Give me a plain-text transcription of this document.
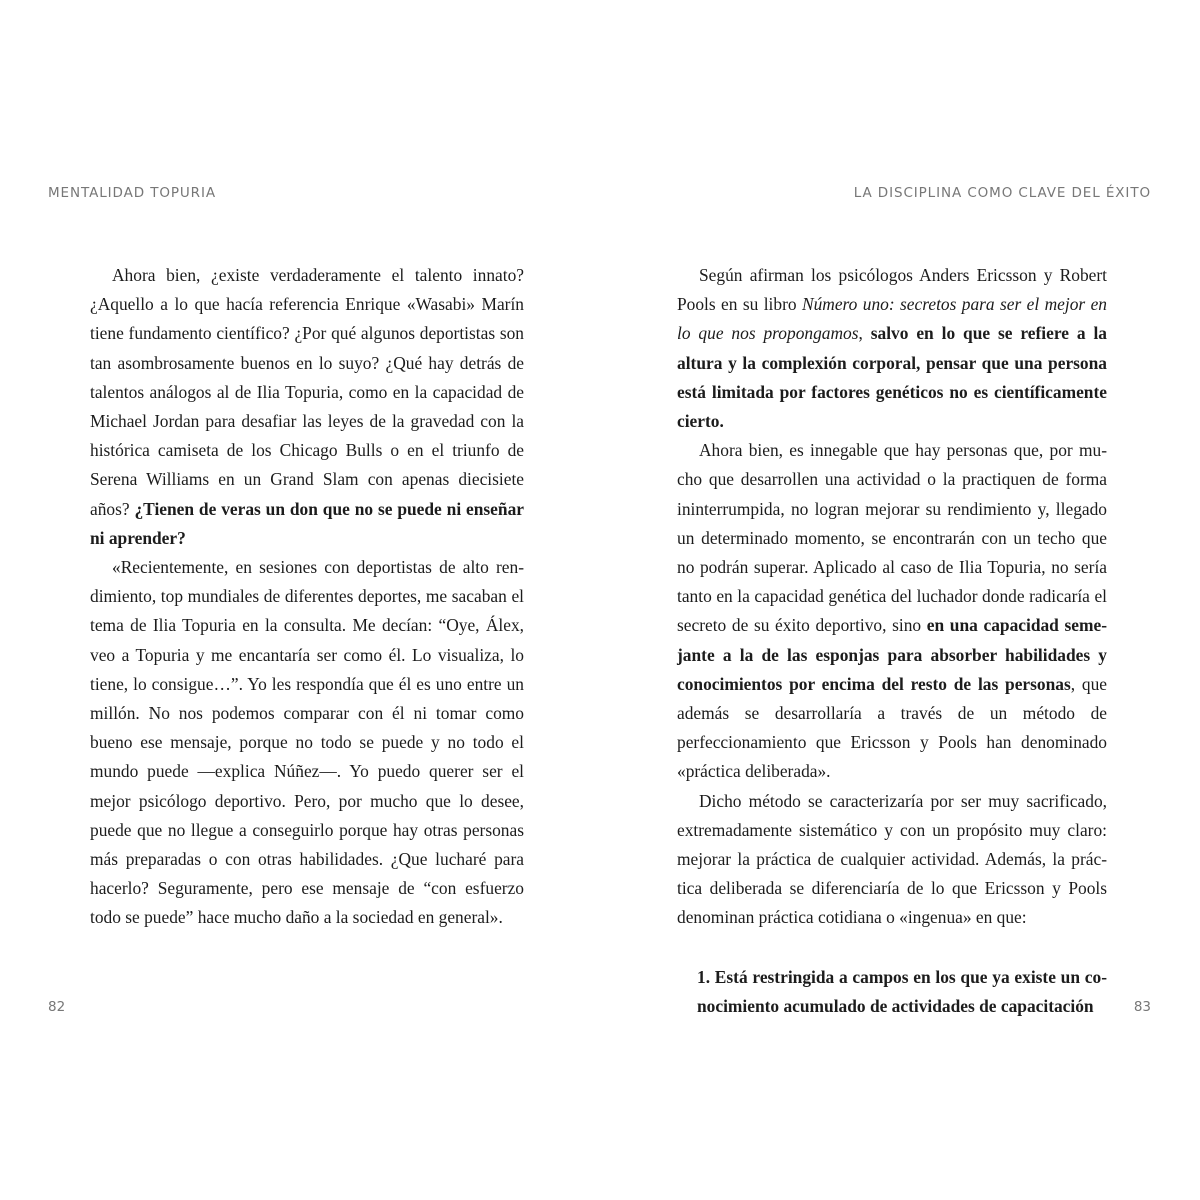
MENTALIDAD TOPURIA

Ahora bien, ¿existe verdaderamente el talento innato? ¿Aquello a lo que hacía referencia Enrique «Wasabi» Marín tiene fundamento científico? ¿Por qué algunos deportistas son tan asombrosamente buenos en lo suyo? ¿Qué hay detrás de talentos análogos al de Ilia Topuria, como en la capacidad de Michael Jordan para desafiar las leyes de la gravedad con la histórica camiseta de los Chicago Bulls o en el triunfo de Serena Williams en un Grand Slam con apenas diecisiete años? ¿Tienen de veras un don que no se puede ni enseñar ni aprender?

«Recientemente, en sesiones con deportistas de alto rendimiento, top mundiales de diferentes deportes, me sacaban el tema de Ilia Topuria en la consulta. Me decían: “Oye, Álex, veo a Topuria y me encantaría ser como él. Lo visualiza, lo tiene, lo consigue…”. Yo les respondía que él es uno entre un millón. No nos podemos comparar con él ni tomar como bueno ese mensaje, porque no todo se puede y no todo el mundo puede —explica Núñez—. Yo puedo querer ser el mejor psicólogo deportivo. Pero, por mucho que lo desee, puede que no llegue a conseguirlo porque hay otras personas más preparadas o con otras habilidades. ¿Que lucharé para hacerlo? Seguramente, pero ese mensaje de “con esfuerzo todo se puede” hace mucho daño a la sociedad en general».

82
LA DISCIPLINA COMO CLAVE DEL ÉXITO

Según afirman los psicólogos Anders Ericsson y Robert Pools en su libro Número uno: secretos para ser el mejor en lo que nos propongamos, salvo en lo que se refiere a la altura y la complexión corporal, pensar que una persona está limitada por factores genéticos no es científicamente cierto.

Ahora bien, es innegable que hay personas que, por mucho que desarrollen una actividad o la practiquen de forma ininterrumpida, no logran mejorar su rendimiento y, llegado un determinado momento, se encontrarán con un techo que no podrán superar. Aplicado al caso de Ilia Topuria, no sería tanto en la capacidad genética del luchador donde radicaría el secreto de su éxito deportivo, sino en una capacidad semejante a la de las esponjas para absorber habilidades y conocimientos por encima del resto de las personas, que además se desarrollaría a través de un método de perfeccionamiento que Ericsson y Pools han denominado «práctica deliberada».

Dicho método se caracterizaría por ser muy sacrificado, extremadamente sistemático y con un propósito muy claro: mejorar la práctica de cualquier actividad. Además, la práctica deliberada se diferenciaría de lo que Ericsson y Pools denominan práctica cotidiana o «ingenua» en que:

1. Está restringida a campos en los que ya existe un conocimiento acumulado de actividades de capacitación	83
